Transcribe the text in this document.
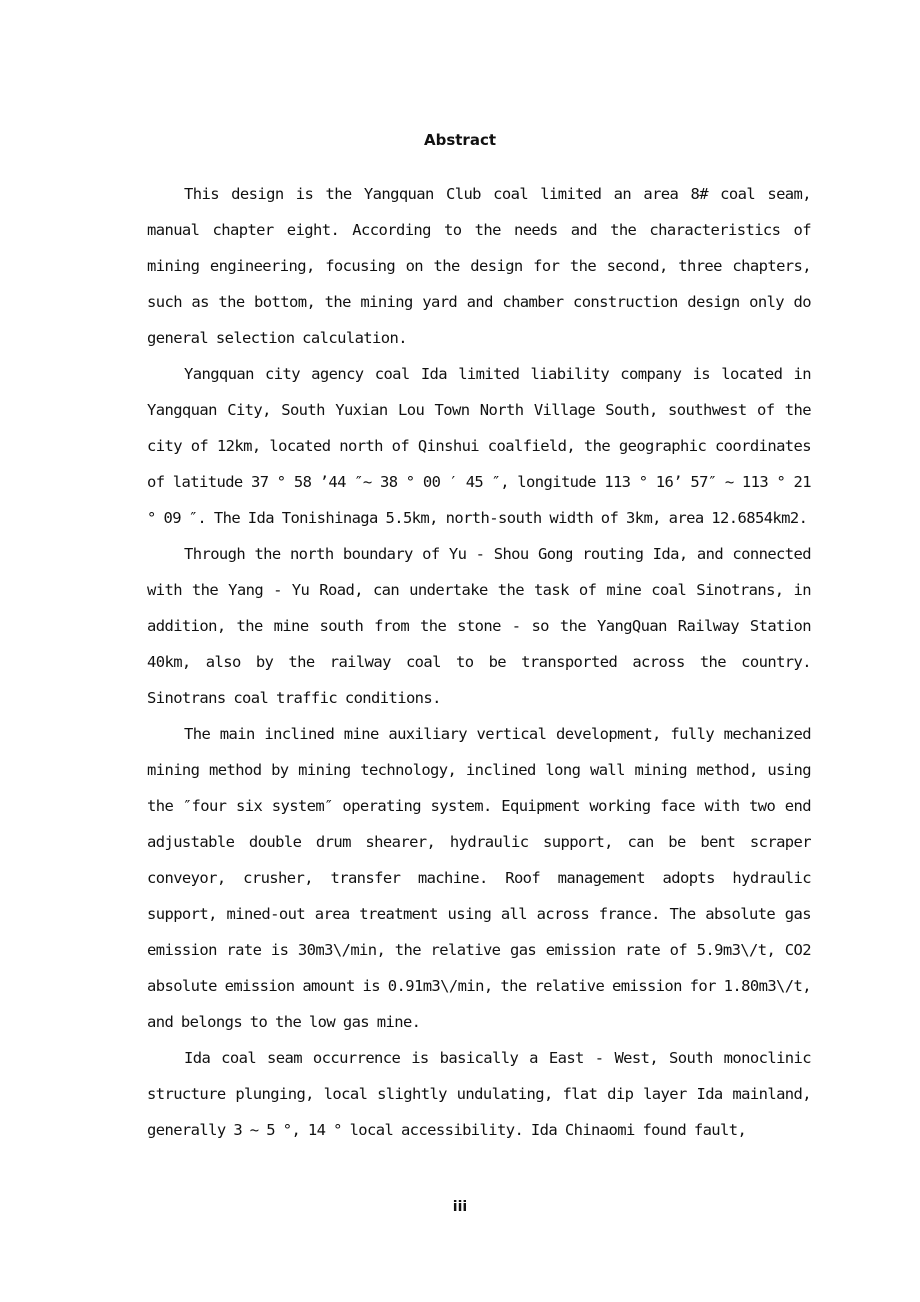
Abstract

This design is the Yangquan Club coal limited an area 8# coal seam, manual chapter eight. According to the needs and the characteristics of mining engineering, focusing on the design for the second, three chapters, such as the bottom, the mining yard and chamber construction design only do general selection calculation.

Yangquan city agency coal Ida limited liability company is located in Yangquan City, South Yuxian Lou Town North Village South, southwest of the city of 12km, located north of Qinshui coalfield, the geographic coordinates of latitude 37 ° 58 ’44 ″~ 38 ° 00 ′ 45 ″, longitude 113 ° 16’ 57″ ~ 113 ° 21 ° 09 ″. The Ida Tonishinaga 5.5km, north-south width of 3km, area 12.6854km2.

Through the north boundary of Yu - Shou Gong routing Ida, and connected with the Yang - Yu Road, can undertake the task of mine coal Sinotrans, in addition, the mine south from the stone - so the YangQuan Railway Station 40km, also by the railway coal to be transported across the country. Sinotrans coal traffic conditions.

The main inclined mine auxiliary vertical development, fully mechanized mining method by mining technology, inclined long wall mining method, using the ″four six system″ operating system. Equipment working face with two end adjustable double drum shearer, hydraulic support, can be bent scraper conveyor, crusher, transfer machine. Roof management adopts hydraulic support, mined-out area treatment using all across france. The absolute gas emission rate is 30m3\/min, the relative gas emission rate of 5.9m3\/t, CO2 absolute emission amount is 0.91m3\/min, the relative emission for 1.80m3\/t, and belongs to the low gas mine.

Ida coal seam occurrence is basically a East - West, South monoclinic structure plunging, local slightly undulating, flat dip layer Ida mainland, generally 3 ~ 5 °, 14 ° local accessibility. Ida Chinaomi found fault,

iii
